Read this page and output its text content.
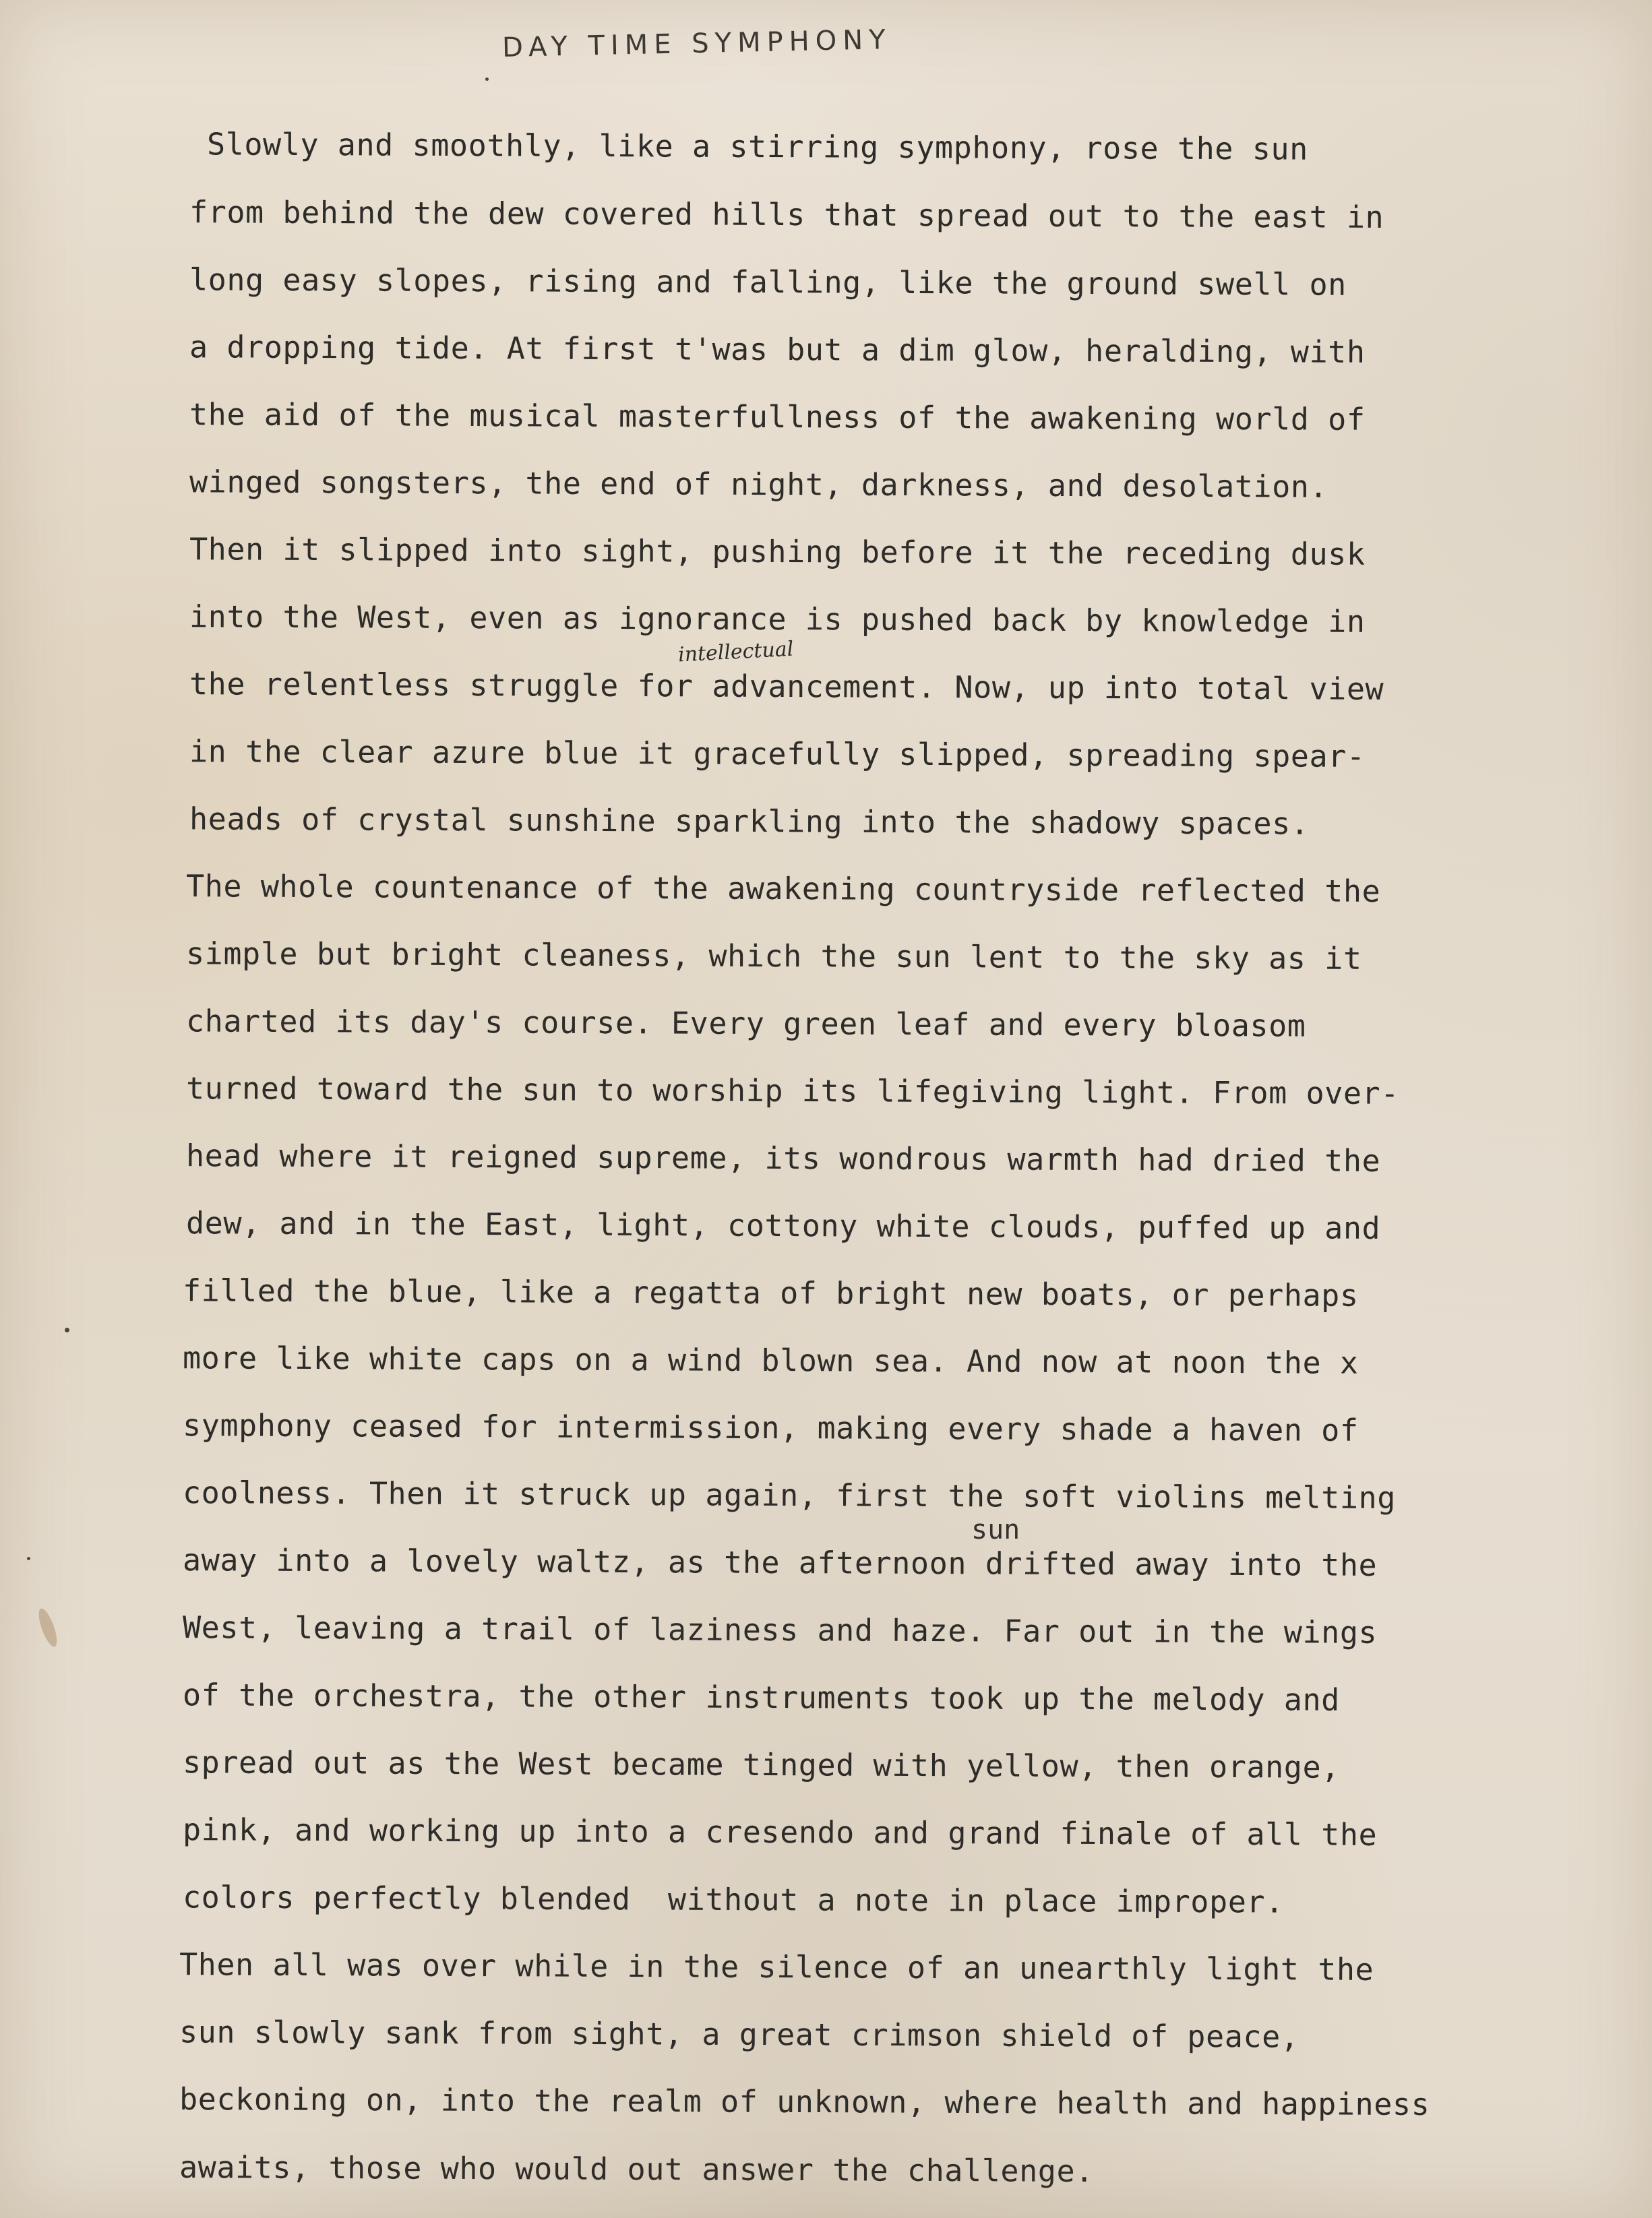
DAY TIME SYMPHONY
Slowly and smoothly, like a stirring symphony, rose the sun
from behind the dew covered hills that spread out to the east in
long easy slopes, rising and falling, like the ground swell on
a dropping tide. At first t'was but a dim glow, heralding, with
the aid of the musical masterfullness of the awakening world of
winged songsters, the end of night, darkness, and desolation.
Then it slipped into sight, pushing before it the receding dusk
into the West, even as ignorance is pushed back by knowledge in
the relentless struggle for advancement. Now, up into total view
in the clear azure blue it gracefully slipped, spreading spear-
heads of crystal sunshine sparkling into the shadowy spaces.
The whole countenance of the awakening countryside reflected the
simple but bright cleaness, which the sun lent to the sky as it
charted its day's course. Every green leaf and every bloasom
turned toward the sun to worship its lifegiving light. From over-
head where it reigned supreme, its wondrous warmth had dried the
dew, and in the East, light, cottony white clouds, puffed up and
filled the blue, like a regatta of bright new boats, or perhaps
more like white caps on a wind blown sea. And now at noon the x
symphony ceased for intermission, making every shade a haven of
coolness. Then it struck up again, first the soft violins melting
away into a lovely waltz, as the afternoon drifted away into the
West, leaving a trail of laziness and haze. Far out in the wings
of the orchestra, the other instruments took up the melody and
spread out as the West became tinged with yellow, then orange,
pink, and working up into a cresendo and grand finale of all the
colors perfectly blended  without a note in place improper.
Then all was over while in the silence of an unearthly light the
sun slowly sank from sight, a great crimson shield of peace,
beckoning on, into the realm of unknown, where health and happiness
awaits, those who would out answer the challenge.
intellectual
sun
